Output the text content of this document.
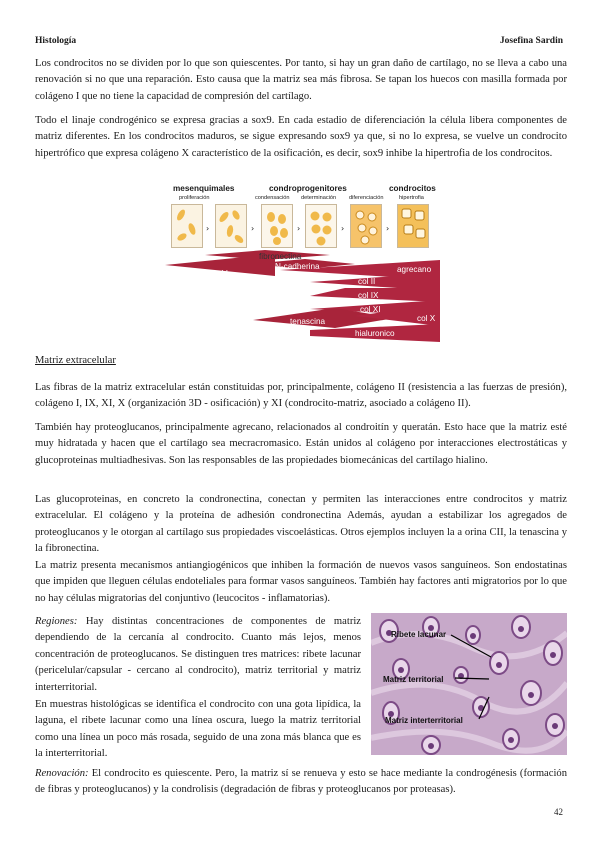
Histología	Josefina Sardin
Los condrocitos no se dividen por lo que son quiescentes. Por tanto, si hay un gran daño de cartílago, no se lleva a cabo una renovación si no que una reparación. Esto causa que la matriz sea más fibrosa. Se tapan los huecos con masilla formada por colágeno I que no tiene la capacidad de compresión del cartílago.
Todo el linaje condrogénico se expresa gracias a sox9. En cada estadio de diferenciación la célula libera componentes de matriz diferentes. En los condrocitos maduros, se sigue expresando sox9 ya que, si no lo expresa, se vuelve un condrocito hipertrófico que expresa colágeno X característico de la osificación, es decir, sox9 inhibe la hipertrofia de los condrocitos.
mesenquimales	condroprogenitores	condrocitos
proliferación	condensación determinación diferenciación	hipertrofia
›	›	›	›	›
fibronectina
N-cadherina
col I	agrecano
col II
col IX
col XI
tenascina	col X
hialuronico
Matriz extracelular
Las fibras de la matriz extracelular están constituidas por, principalmente, colágeno II (resistencia a las fuerzas de presión), colágeno I, IX, XI, X (organización 3D - osificación) y XI (condrocito-matriz, asociado a colágeno II).
También hay proteoglucanos, principalmente agrecano, relacionados al condroitín y queratán. Esto hace que la matriz esté muy hidratada y hacen que el cartílago sea mecracromasico. Están unidos al colágeno por interacciones electrostáticas y glucoproteinas multiadhesivas. Son las responsables de las propiedades biomecánicas del cartílago hialino.
Las glucoproteinas, en concreto la condronectina, conectan y permiten las interacciones entre condrocitos y matriz extracelular. El colágeno y la proteína de adhesión condronectina Además, ayudan a estabilizar los agregados de proteoglucanos y le otorgan al cartílago sus propiedades viscoelásticas. Otros ejemplos incluyen la a orina CII, la tenascina y la fibronectina.
La matriz presenta mecanismos antiangiogénicos que inhiben la formación de nuevos vasos sanguíneos. Son endostatinas que impiden que lleguen células endoteliales para formar vasos sanguíneos. También hay factores anti migratorios por lo que no hay células migratorias del conjuntivo (leucocitos - inflamatorias).
Regiones: Hay distintas concentraciones de componentes de matriz dependiendo de la cercanía al condrocito. Cuanto más lejos, menos concentración de proteoglucanos. Se distinguen tres matrices: ribete lacunar (pericelular/capsular - cercano al condrocito), matriz territorial y matriz interterritorial.
En muestras histológicas se identifica el condrocito con una gota lipídica, la laguna, el ribete lacunar como una línea oscura, luego la matriz territorial como una línea un poco más rosada, seguido de una zona más blanca que es la interterritorial.
Ribete lacunar
Matriz territorial
Matriz interterritorial
Renovación: El condrocito es quiescente. Pero, la matriz sí se renueva y esto se hace mediante la condrogénesis (formación de fibras y proteoglucanos) y la condrolisis (degradación de fibras y proteoglucanos por proteasas).
42
